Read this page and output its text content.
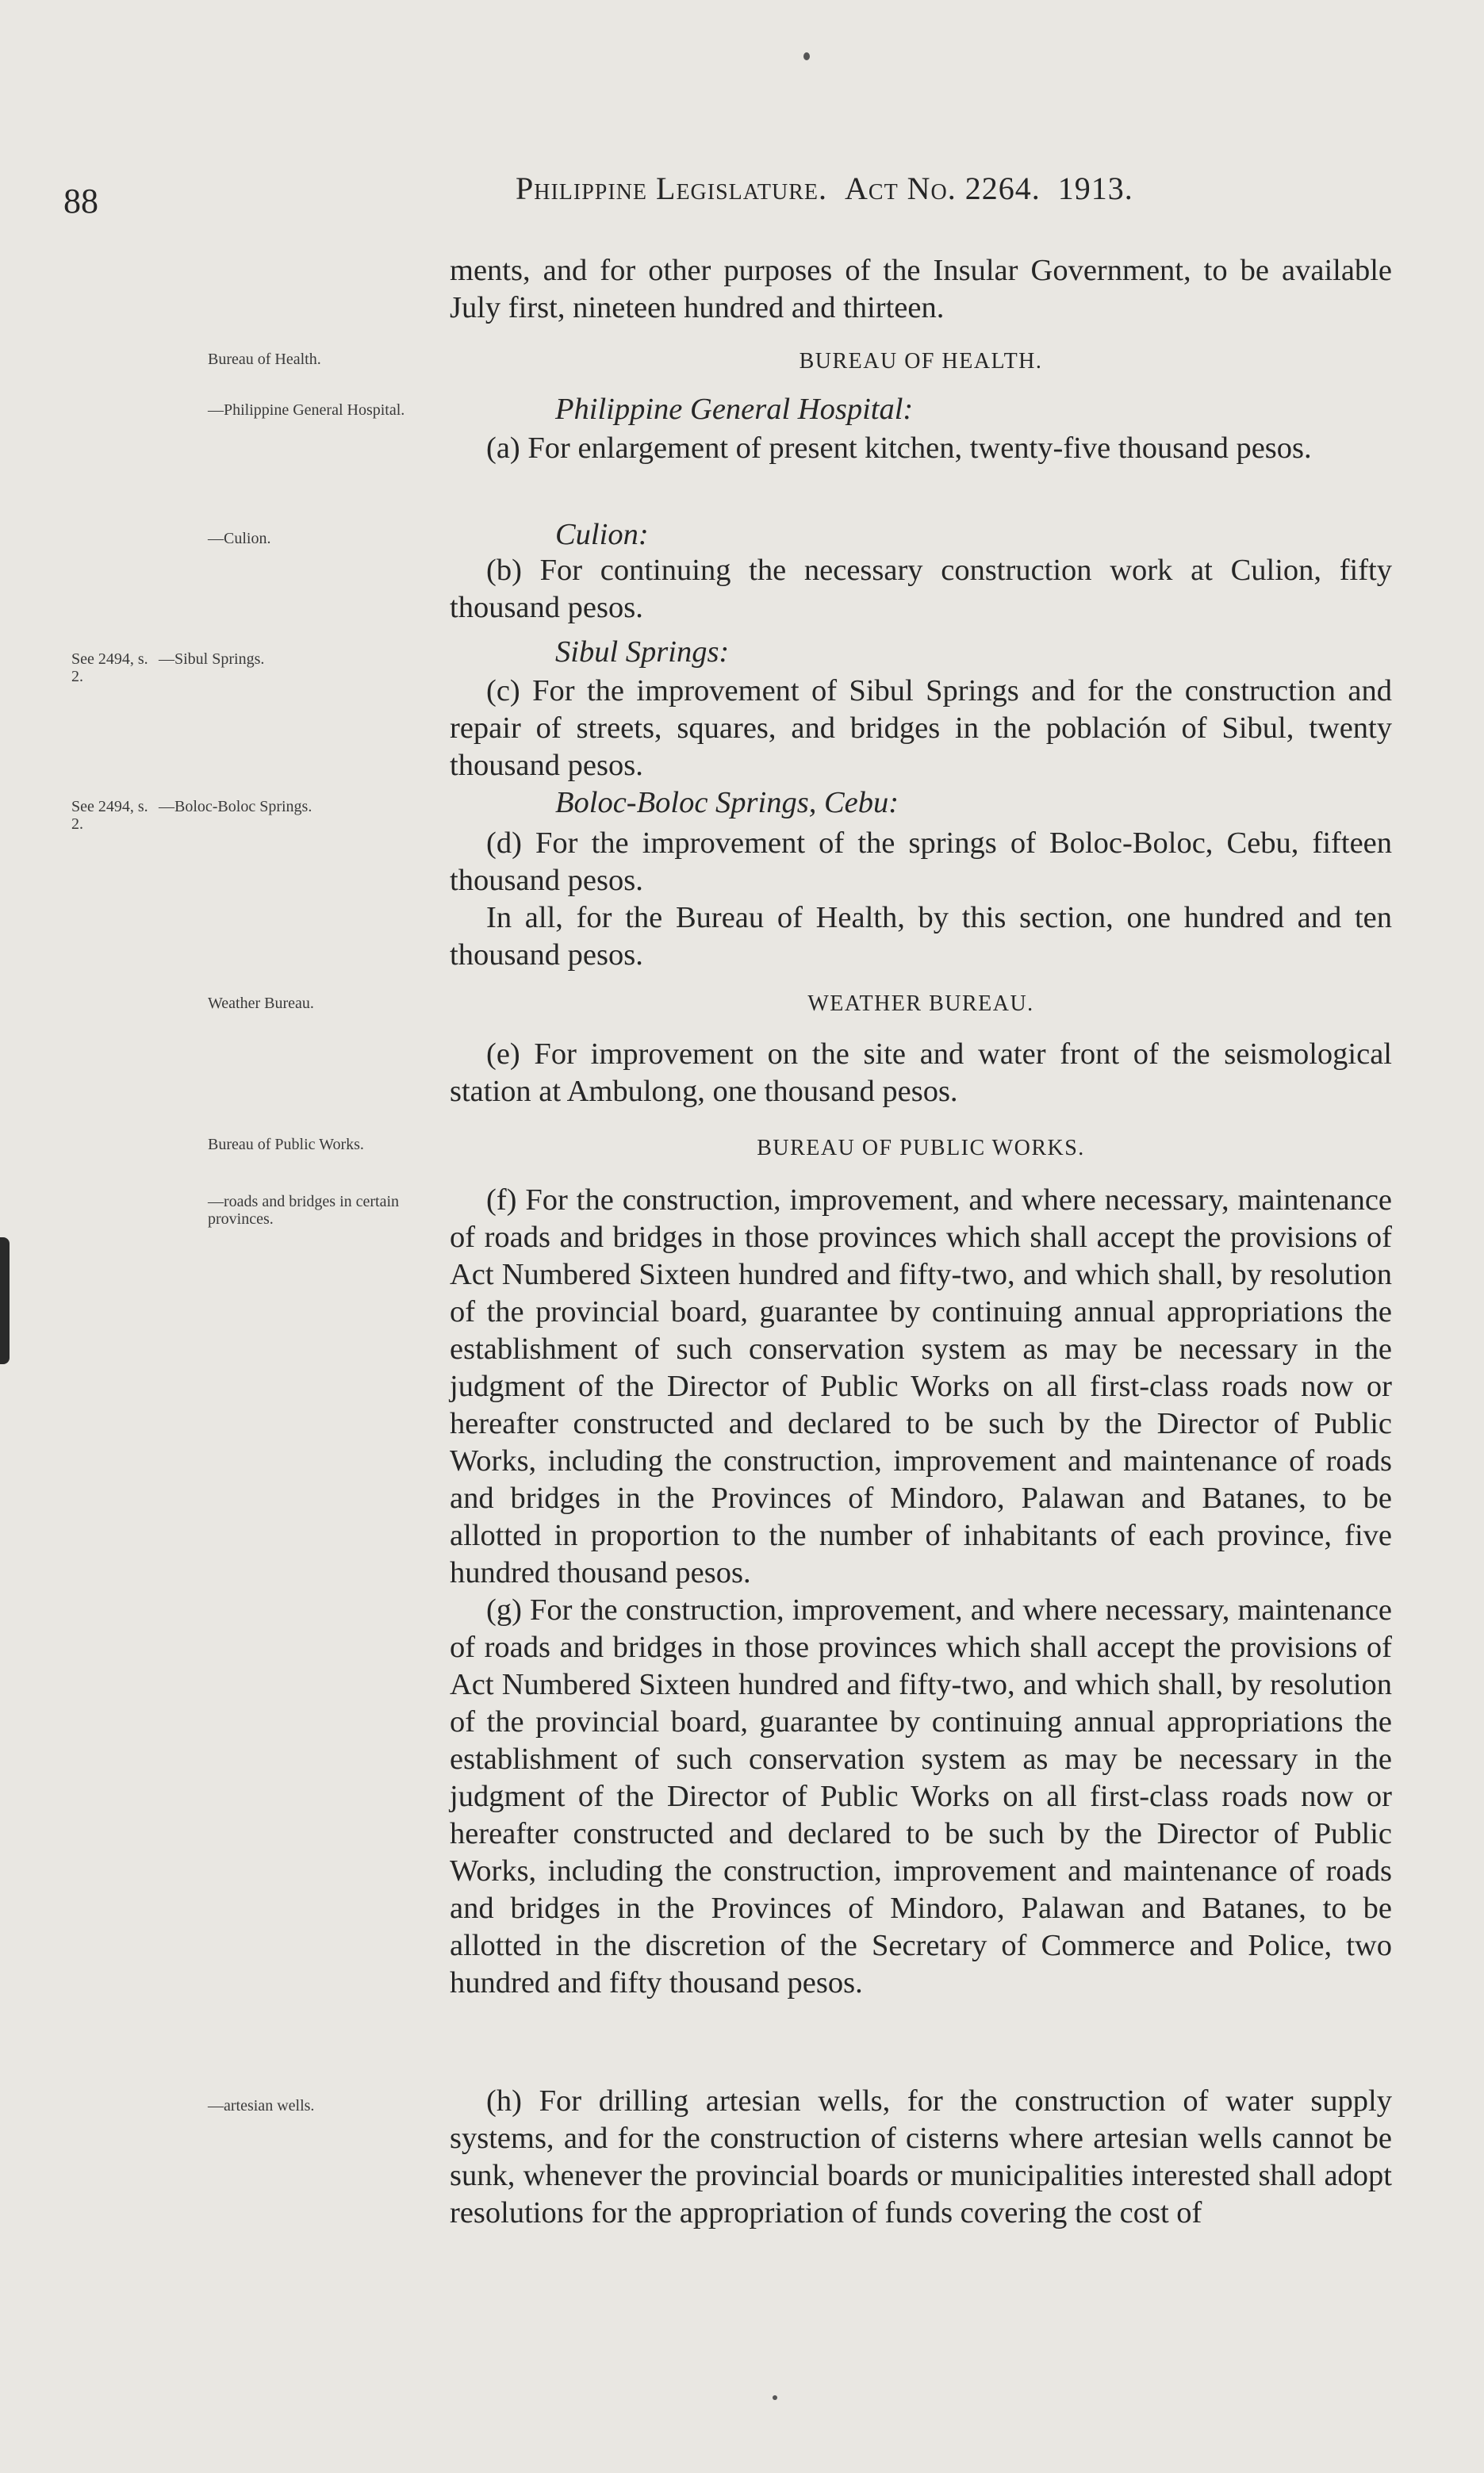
88	Philippine Legislature. Act No. 2264. 1913.

ments, and for other purposes of the Insular Government, to be available July first, nineteen hundred and thirteen.

Bureau of Health.	BUREAU OF HEALTH.
—Philippine General Hospital.	Philippine General Hospital:

(a) For enlargement of present kitchen, twenty-five thousand pesos.

—Culion.	Culion:

(b) For continuing the necessary construction work at Culion, fifty thousand pesos.

See 2494, s. 2.
—Sibul Springs.	Sibul Springs:

(c) For the improvement of Sibul Springs and for the construction and repair of streets, squares, and bridges in the población of Sibul, twenty thousand pesos.

See 2494, s. 2.
—Boloc-Boloc Springs.	Boloc-Boloc Springs, Cebu:

(d) For the improvement of the springs of Boloc-Boloc, Cebu, fifteen thousand pesos.

In all, for the Bureau of Health, by this section, one hundred and ten thousand pesos.

Weather Bureau.	WEATHER BUREAU.

(e) For improvement on the site and water front of the seismological station at Ambulong, one thousand pesos.

Bureau of Public Works.	BUREAU OF PUBLIC WORKS.
—roads and bridges in certain provinces.

(f) For the construction, improvement, and where necessary, maintenance of roads and bridges in those provinces which shall accept the provisions of Act Numbered Sixteen hundred and fifty-two, and which shall, by resolution of the provincial board, guarantee by continuing annual appropriations the establishment of such conservation system as may be necessary in the judgment of the Director of Public Works on all first-class roads now or hereafter constructed and declared to be such by the Director of Public Works, including the construction, improvement and maintenance of roads and bridges in the Provinces of Mindoro, Palawan and Batanes, to be allotted in proportion to the number of inhabitants of each province, five hundred thousand pesos.

(g) For the construction, improvement, and where necessary, maintenance of roads and bridges in those provinces which shall accept the provisions of Act Numbered Sixteen hundred and fifty-two, and which shall, by resolution of the provincial board, guarantee by continuing annual appropriations the establishment of such conservation system as may be necessary in the judgment of the Director of Public Works on all first-class roads now or hereafter constructed and declared to be such by the Director of Public Works, including the construction, improvement and maintenance of roads and bridges in the Provinces of Mindoro, Palawan and Batanes, to be allotted in the discretion of the Secretary of Commerce and Police, two hundred and fifty thousand pesos.

—artesian wells.	(h) For drilling artesian wells, for the construction of water supply systems, and for the construction of cisterns where artesian wells cannot be sunk, whenever the provincial boards or municipalities interested shall adopt resolutions for the appropriation of funds covering the cost of
